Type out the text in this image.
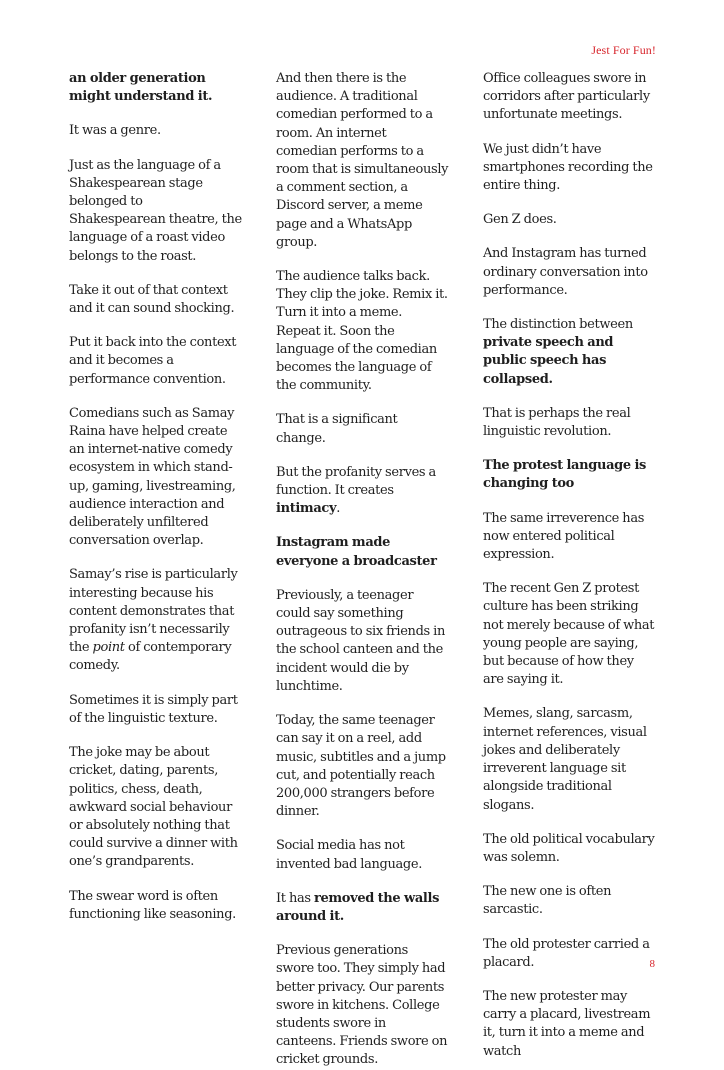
Jest For Fun!

an older generation might understand it.

It was a genre.

Just as the language of a Shakespearean stage belonged to Shakespearean theatre, the language of a roast video belongs to the roast.

Take it out of that context and it can sound shocking.

Put it back into the context and it becomes a performance convention.

Comedians such as Samay Raina have helped create an internet-native comedy ecosystem in which stand-up, gaming, livestreaming, audience interaction and deliberately unfiltered conversation overlap.

Samay’s rise is particularly interesting because his content demonstrates that profanity isn’t necessarily the point of contemporary comedy.

Sometimes it is simply part of the linguistic texture.

The joke may be about cricket, dating, parents, politics, chess, death, awkward social behaviour or absolutely nothing that could survive a dinner with one’s grandparents.

The swear word is often functioning like seasoning.

And then there is the audience. A traditional comedian performed to a room. An internet comedian performs to a room that is simultaneously a comment section, a Discord server, a meme page and a WhatsApp group.

The audience talks back. They clip the joke. Remix it. Turn it into a meme. Repeat it. Soon the language of the comedian becomes the language of the community.

That is a significant change.

But the profanity serves a function. It creates intimacy.

Instagram made everyone a broadcaster

Previously, a teenager could say something outrageous to six friends in the school canteen and the incident would die by lunchtime.

Today, the same teenager can say it on a reel, add music, subtitles and a jump cut, and potentially reach 200,000 strangers before dinner.

Social media has not invented bad language.

It has removed the walls around it.

Previous generations swore too. They simply had better privacy. Our parents swore in kitchens. College students swore in canteens. Friends swore on cricket grounds.

Office colleagues swore in corridors after particularly unfortunate meetings.

We just didn’t have smartphones recording the entire thing.

Gen Z does.

And Instagram has turned ordinary conversation into performance.

The distinction between private speech and public speech has collapsed.

That is perhaps the real linguistic revolution.

The protest language is changing too

The same irreverence has now entered political expression.

The recent Gen Z protest culture has been striking not merely because of what young people are saying, but because of how they are saying it.

Memes, slang, sarcasm, internet references, visual jokes and deliberately irreverent language sit alongside traditional slogans.

The old political vocabulary was solemn.

The new one is often sarcastic.

The old protester carried a placard.

The new protester may carry a placard, livestream it, turn it into a meme and watch

8
